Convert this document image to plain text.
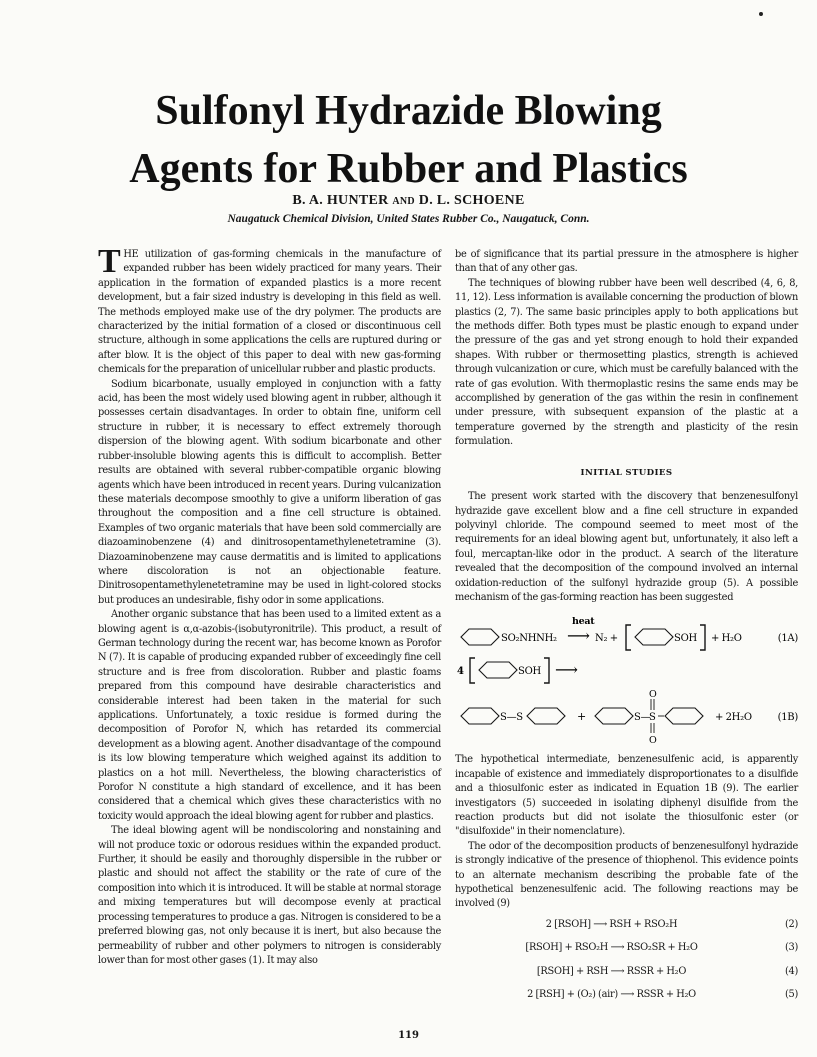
Sulfonyl Hydrazide Blowing
Agents for Rubber and Plastics
B. A. HUNTER AND D. L. SCHOENE
Naugatuck Chemical Division, United States Rubber Co., Naugatuck, Conn.

THE utilization of gas-forming chemicals in the manufacture of expanded rubber has been widely practiced for many years. Their application in the formation of expanded plastics is a more recent development, but a fair sized industry is developing in this field as well. The methods employed make use of the dry polymer. The products are characterized by the initial formation of a closed or discontinuous cell structure, although in some applications the cells are ruptured during or after blow. It is the object of this paper to deal with new gas-forming chemicals for the preparation of unicellular rubber and plastic products.

Sodium bicarbonate, usually employed in conjunction with a fatty acid, has been the most widely used blowing agent in rubber, although it possesses certain disadvantages. In order to obtain fine, uniform cell structure in rubber, it is necessary to effect extremely thorough dispersion of the blowing agent. With sodium bicarbonate and other rubber-insoluble blowing agents this is difficult to accomplish. Better results are obtained with several rubber-compatible organic blowing agents which have been introduced in recent years. During vulcanization these materials decompose smoothly to give a uniform liberation of gas throughout the composition and a fine cell structure is obtained. Examples of two organic materials that have been sold commercially are diazoaminobenzene (4) and dinitrosopentamethylenetetramine (3). Diazoaminobenzene may cause dermatitis and is limited to applications where discoloration is not an objectionable feature. Dinitrosopentamethylenetetramine may be used in light-colored stocks but produces an undesirable, fishy odor in some applications.

Another organic substance that has been used to a limited extent as a blowing agent is α,α-azobis-(isobutyronitrile). This product, a result of German technology during the recent war, has become known as Porofor N (7). It is capable of producing expanded rubber of exceedingly fine cell structure and is free from discoloration. Rubber and plastic foams prepared from this compound have desirable characteristics and considerable interest had been taken in the material for such applications. Unfortunately, a toxic residue is formed during the decomposition of Porofor N, which has retarded its commercial development as a blowing agent. Another disadvantage of the compound is its low blowing temperature which weighed against its addition to plastics on a hot mill. Nevertheless, the blowing characteristics of Porofor N constitute a high standard of excellence, and it has been considered that a chemical which gives these characteristics with no toxicity would approach the ideal blowing agent for rubber and plastics.

The ideal blowing agent will be nondiscoloring and nonstaining and will not produce toxic or odorous residues within the expanded product. Further, it should be easily and thoroughly dispersible in the rubber or plastic and should not affect the stability or the rate of cure of the composition into which it is introduced. It will be stable at normal storage and mixing temperatures but will decompose evenly at practical processing temperatures to produce a gas. Nitrogen is considered to be a preferred blowing gas, not only because it is inert, but also because the permeability of rubber and other polymers to nitrogen is considerably lower than for most other gases (1). It may also

be of significance that its partial pressure in the atmosphere is higher than that of any other gas.

The techniques of blowing rubber have been well described (4, 6, 8, 11, 12). Less information is available concerning the production of blown plastics (2, 7). The same basic principles apply to both applications but the methods differ. Both types must be plastic enough to expand under the pressure of the gas and yet strong enough to hold their expanded shapes. With rubber or thermosetting plastics, strength is achieved through vulcanization or cure, which must be carefully balanced with the rate of gas evolution. With thermoplastic resins the same ends may be accomplished by generation of the gas within the resin in confinement under pressure, with subsequent expansion of the plastic at a temperature governed by the strength and plasticity of the resin formulation.

INITIAL STUDIES

The present work started with the discovery that benzenesulfonyl hydrazide gave excellent blow and a fine cell structure in expanded polyvinyl chloride. The compound seemed to meet most of the requirements for an ideal blowing agent but, unfortunately, it also left a foul, mercaptan-like odor in the product. A search of the literature revealed that the decomposition of the compound involved an internal oxidation-reduction of the sulfonyl hydrazide group (5). A possible mechanism of the gas-forming reaction has been suggested

SO₂NHNH₂
heat
⟶ N₂ +	SOH + H₂O	(1A)
4	SOH ⟶
S—S	+	S—
S
O
O
+ 2H₂O	(1B)

The hypothetical intermediate, benzenesulfenic acid, is apparently incapable of existence and immediately disproportionates to a disulfide and a thiosulfonic ester as indicated in Equation 1B (9). The earlier investigators (5) succeeded in isolating diphenyl disulfide from the reaction products but did not isolate the thiosulfonic ester (or "disulfoxide" in their nomenclature).

The odor of the decomposition products of benzenesulfonyl hydrazide is strongly indicative of the presence of thiophenol. This evidence points to an alternate mechanism describing the probable fate of the hypothetical benzenesulfenic acid. The following reactions may be involved (9)

2 [RSOH] ⟶ RSH + RSO₂H	(2)
[RSOH] + RSO₂H ⟶ RSO₂SR + H₂O	(3)
[RSOH] + RSH ⟶ RSSR + H₂O	(4)
2 [RSH] + (O₂) (air) ⟶ RSSR + H₂O	(5)
119
